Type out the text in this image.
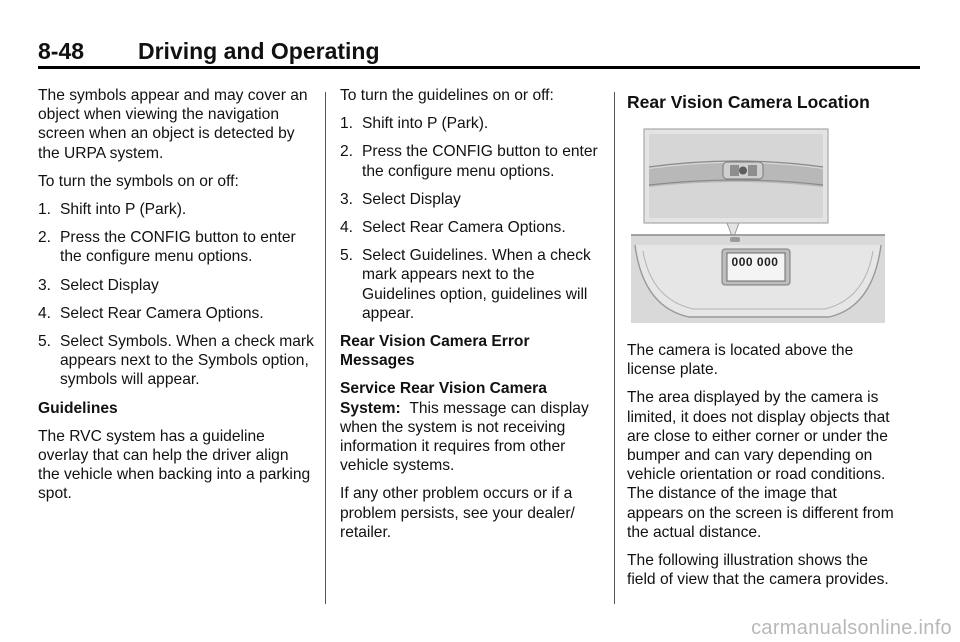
8-48 Driving and Operating

The symbols appear and may cover an object when viewing the navigation screen when an object is detected by the URPA system.

To turn the symbols on or off:

1. Shift into P (Park).
2. Press the CONFIG button to enter the configure menu options.
3. Select Display
4. Select Rear Camera Options.
5. Select Symbols. When a check mark appears next to the Symbols option, symbols will appear.

Guidelines

The RVC system has a guideline overlay that can help the driver align the vehicle when backing into a parking spot.

To turn the guidelines on or off:

1. Shift into P (Park).
2. Press the CONFIG button to enter the configure menu options.
3. Select Display
4. Select Rear Camera Options.
5. Select Guidelines. When a check mark appears next to the Guidelines option, guidelines will appear.

Rear Vision Camera Error Messages

Service Rear Vision Camera System: This message can display when the system is not receiving information it requires from other vehicle systems.

If any other problem occurs or if a problem persists, see your dealer/ retailer.

Rear Vision Camera Location
000 000

The camera is located above the license plate.

The area displayed by the camera is limited, it does not display objects that are close to either corner or under the bumper and can vary depending on vehicle orientation or road conditions. The distance of the image that appears on the screen is different from the actual distance.

The following illustration shows the field of view that the camera provides.

carmanualsonline.info
